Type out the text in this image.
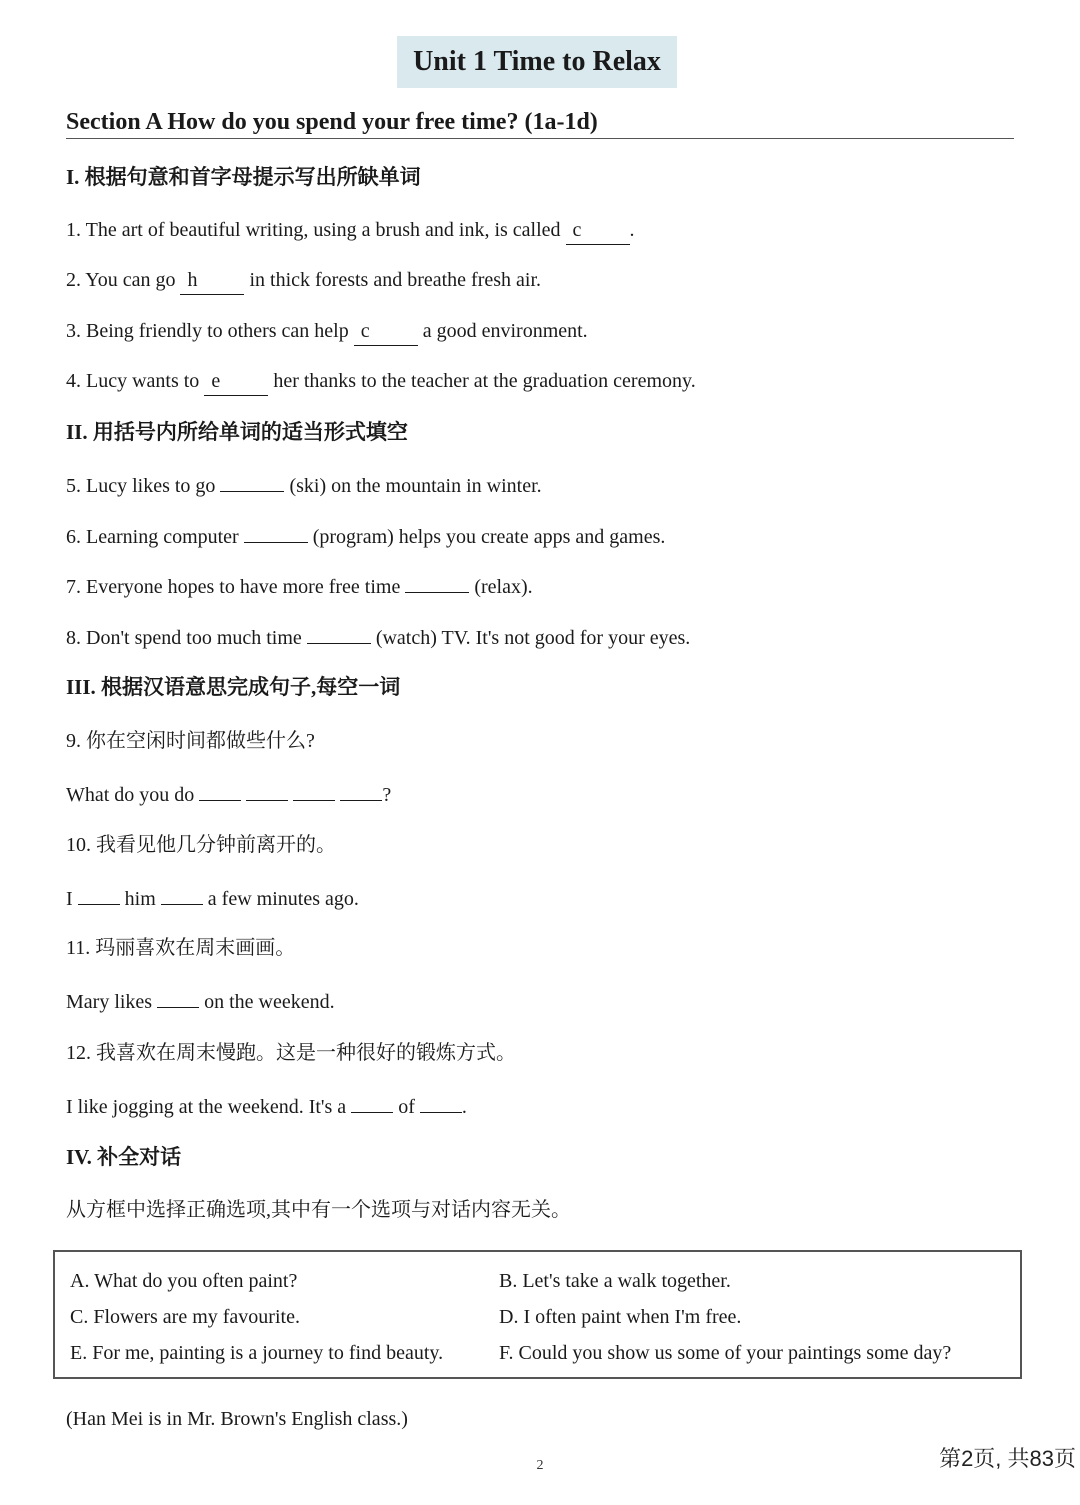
Unit 1 Time to Relax
Section A How do you spend your free time? (1a-1d)
I. 根据句意和首字母提示写出所缺单词

1. The art of beautiful writing, using a brush and ink, is called  c .

2. You can go  h in thick forests and breathe fresh air.

3. Being friendly to others can help  c a good environment.

4. Lucy wants to  e her thanks to the teacher at the graduation ceremony.

II. 用括号内所给单词的适当形式填空

5. Lucy likes to go	(ski) on the mountain in winter.

6. Learning computer	(program) helps you create apps and games.

7. Everyone hopes to have more free time	(relax).

8. Don't spend too much time	(watch) TV. It's not good for your eyes.

III. 根据汉语意思完成句子,每空一词

9. 你在空闲时间都做些什么?

What do you do	?

10. 我看见他几分钟前离开的。

I  him  a few minutes ago.

11. 玛丽喜欢在周末画画。

Mary likes  on the weekend.

12. 我喜欢在周末慢跑。这是一种很好的锻炼方式。

I like jogging at the weekend. It's a  of .

IV. 补全对话

从方框中选择正确选项,其中有一个选项与对话内容无关。

A. What do you often paint?	B. Let's take a walk together.
C. Flowers are my favourite.	D. I often paint when I'm free.
E. For me, painting is a journey to find beauty.	F. Could you show us some of your paintings some day?

(Han Mei is in Mr. Brown's English class.)

2	第2页, 共83页
